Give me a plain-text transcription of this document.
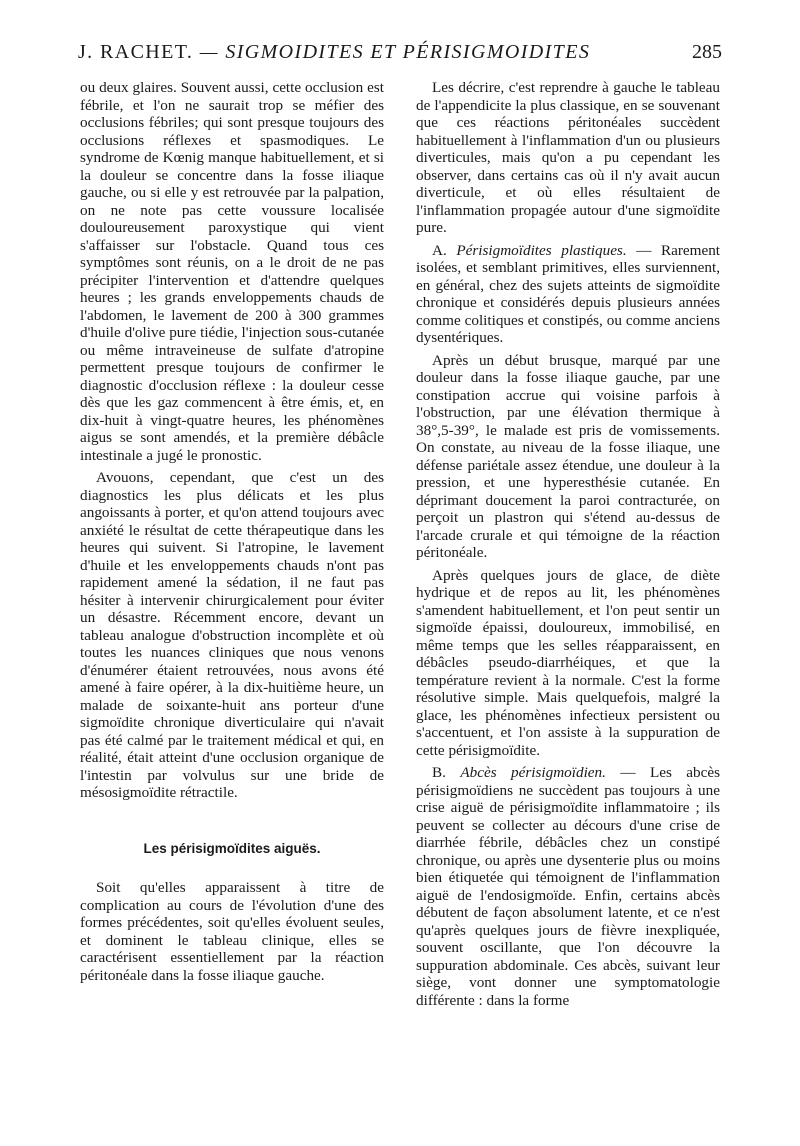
J. RACHET. — SIGMOIDITES ET PÉRISIGMOIDITES	285

ou deux glaires. Souvent aussi, cette occlusion est fébrile, et l'on ne saurait trop se méfier des occlusions fébriles; qui sont presque toujours des occlusions réflexes et spasmodiques. Le syndrome de Kœnig manque habituellement, et si la douleur se concentre dans la fosse iliaque gauche, ou si elle y est retrouvée par la palpation, on ne note pas cette voussure localisée douloureusement paroxystique qui vient s'affaisser sur l'obstacle. Quand tous ces symptômes sont réunis, on a le droit de ne pas précipiter l'intervention et d'attendre quelques heures ; les grands enveloppements chauds de l'abdomen, le lavement de 200 à 300 grammes d'huile d'olive pure tiédie, l'injection sous-cutanée ou même intraveineuse de sulfate d'atropine permettent presque toujours de confirmer le diagnostic d'occlusion réflexe : la douleur cesse dès que les gaz commencent à être émis, et, en dix-huit à vingt-quatre heures, les phénomènes aigus se sont amendés, et la première débâcle intestinale a jugé le pronostic.

Avouons, cependant, que c'est un des diagnostics les plus délicats et les plus angoissants à porter, et qu'on attend toujours avec anxiété le résultat de cette thérapeutique dans les heures qui suivent. Si l'atropine, le lavement d'huile et les enveloppements chauds n'ont pas rapidement amené la sédation, il ne faut pas hésiter à intervenir chirurgicalement pour éviter un désastre. Récemment encore, devant un tableau analogue d'obstruction incomplète et où toutes les nuances cliniques que nous venons d'énumérer étaient retrouvées, nous avons été amené à faire opérer, à la dix-huitième heure, un malade de soixante-huit ans porteur d'une sigmoïdite chronique diverticulaire qui n'avait pas été calmé par le traitement médical et qui, en réalité, était atteint d'une occlusion organique de l'intestin par volvulus sur une bride de mésosigmoïdite rétractile.

Les périsigmoïdites aiguës.

Soit qu'elles apparaissent à titre de complication au cours de l'évolution d'une des formes précédentes, soit qu'elles évoluent seules, et dominent le tableau clinique, elles se caractérisent essentiellement par la réaction péritonéale dans la fosse iliaque gauche.

Les décrire, c'est reprendre à gauche le tableau de l'appendicite la plus classique, en se souvenant que ces réactions péritonéales succèdent habituellement à l'inflammation d'un ou plusieurs diverticules, mais qu'on a pu cependant les observer, dans certains cas où il n'y avait aucun diverticule, et où elles résultaient de l'inflammation propagée autour d'une sigmoïdite pure.

A. Périsigmoïdites plastiques. — Rarement isolées, et semblant primitives, elles surviennent, en général, chez des sujets atteints de sigmoïdite chronique et considérés depuis plusieurs années comme colitiques et constipés, ou comme anciens dysentériques.

Après un début brusque, marqué par une douleur dans la fosse iliaque gauche, par une constipation accrue qui voisine parfois à l'obstruction, par une élévation thermique à 38°,5-39°, le malade est pris de vomissements. On constate, au niveau de la fosse iliaque, une défense pariétale assez étendue, une douleur à la pression, et une hyperesthésie cutanée. En déprimant doucement la paroi contracturée, on perçoit un plastron qui s'étend au-dessus de l'arcade crurale et qui témoigne de la réaction péritonéale.

Après quelques jours de glace, de diète hydrique et de repos au lit, les phénomènes s'amendent habituellement, et l'on peut sentir un sigmoïde épaissi, douloureux, immobilisé, en même temps que les selles réapparaissent, en débâcles pseudo-diarrhéiques, et que la température revient à la normale. C'est la forme résolutive simple. Mais quelquefois, malgré la glace, les phénomènes infectieux persistent ou s'accentuent, et l'on assiste à la suppuration de cette périsigmoïdite.

B. Abcès périsigmoïdien. — Les abcès périsigmoïdiens ne succèdent pas toujours à une crise aiguë de périsigmoïdite inflammatoire ; ils peuvent se collecter au décours d'une crise de diarrhée fébrile, débâcles chez un constipé chronique, ou après une dysenterie plus ou moins bien étiquetée qui témoignent de l'inflammation aiguë de l'endosigmoïde. Enfin, certains abcès débutent de façon absolument latente, et ce n'est qu'après quelques jours de fièvre inexpliquée, souvent oscillante, que l'on découvre la suppuration abdominale. Ces abcès, suivant leur siège, vont donner une symptomatologie différente : dans la forme
